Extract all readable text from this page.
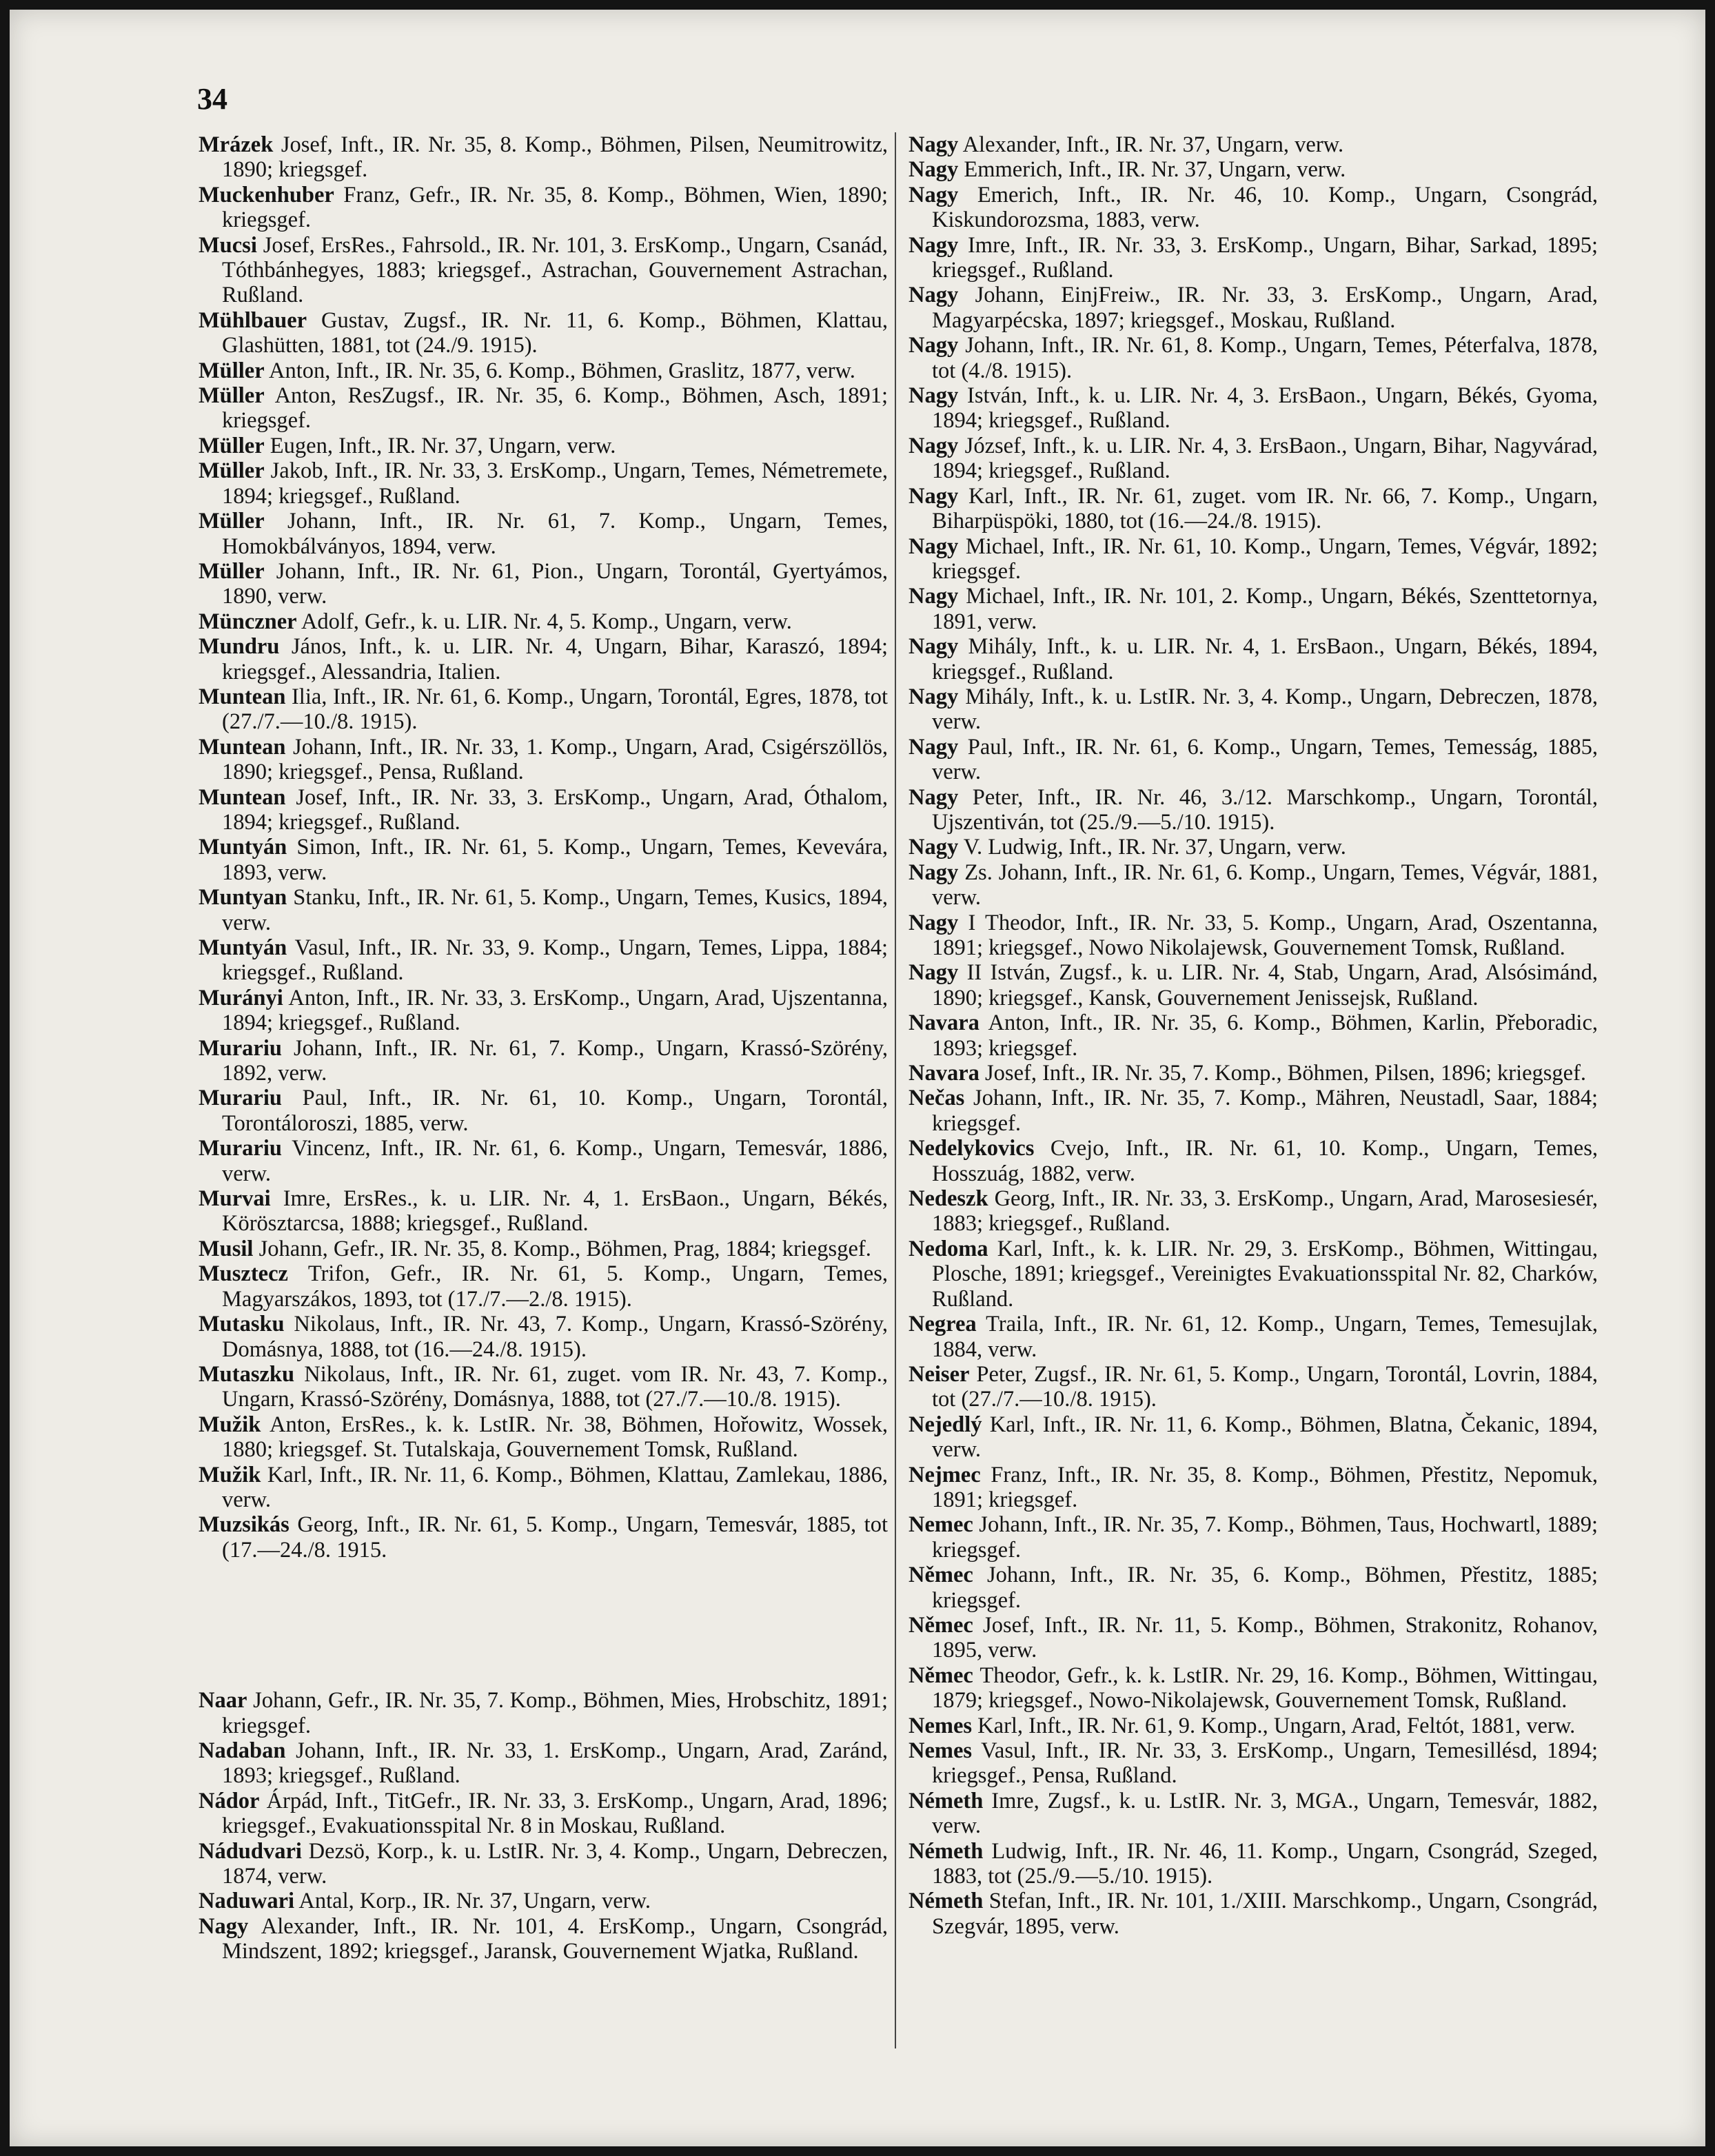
34

Mrázek Josef, Inft., IR. Nr. 35, 8. Komp., Böhmen, Pilsen, Neumitrowitz, 1890; kriegsgef.

Muckenhuber Franz, Gefr., IR. Nr. 35, 8. Komp., Böhmen, Wien, 1890; kriegsgef.

Mucsi Josef, ErsRes., Fahrsold., IR. Nr. 101, 3. ErsKomp., Ungarn, Csanád, Tóthbánhegyes, 1883; kriegsgef., Astrachan, Gouvernement Astrachan, Rußland.

Mühlbauer Gustav, Zugsf., IR. Nr. 11, 6. Komp., Böhmen, Klattau, Glashütten, 1881, tot (24./9. 1915).

Müller Anton, Inft., IR. Nr. 35, 6. Komp., Böhmen, Graslitz, 1877, verw.

Müller Anton, ResZugsf., IR. Nr. 35, 6. Komp., Böhmen, Asch, 1891; kriegsgef.

Müller Eugen, Inft., IR. Nr. 37, Ungarn, verw.

Müller Jakob, Inft., IR. Nr. 33, 3. ErsKomp., Ungarn, Temes, Németremete, 1894; kriegsgef., Rußland.

Müller Johann, Inft., IR. Nr. 61, 7. Komp., Ungarn, Temes, Homokbálványos, 1894, verw.

Müller Johann, Inft., IR. Nr. 61, Pion., Ungarn, Torontál, Gyertyámos, 1890, verw.

Münczner Adolf, Gefr., k. u. LIR. Nr. 4, 5. Komp., Ungarn, verw.

Mundru János, Inft., k. u. LIR. Nr. 4, Ungarn, Bihar, Karaszó, 1894; kriegsgef., Alessandria, Italien.

Muntean Ilia, Inft., IR. Nr. 61, 6. Komp., Ungarn, Torontál, Egres, 1878, tot (27./7.—10./8. 1915).

Muntean Johann, Inft., IR. Nr. 33, 1. Komp., Ungarn, Arad, Csigérszöllös, 1890; kriegsgef., Pensa, Rußland.

Muntean Josef, Inft., IR. Nr. 33, 3. ErsKomp., Ungarn, Arad, Óthalom, 1894; kriegsgef., Rußland.

Muntyán Simon, Inft., IR. Nr. 61, 5. Komp., Ungarn, Temes, Kevevára, 1893, verw.

Muntyan Stanku, Inft., IR. Nr. 61, 5. Komp., Ungarn, Temes, Kusics, 1894, verw.

Muntyán Vasul, Inft., IR. Nr. 33, 9. Komp., Ungarn, Temes, Lippa, 1884; kriegsgef., Rußland.

Murányi Anton, Inft., IR. Nr. 33, 3. ErsKomp., Ungarn, Arad, Ujszentanna, 1894; kriegsgef., Rußland.

Murariu Johann, Inft., IR. Nr. 61, 7. Komp., Ungarn, Krassó-Szörény, 1892, verw.

Murariu Paul, Inft., IR. Nr. 61, 10. Komp., Ungarn, Torontál, Torontáloroszi, 1885, verw.

Murariu Vincenz, Inft., IR. Nr. 61, 6. Komp., Ungarn, Temesvár, 1886, verw.

Murvai Imre, ErsRes., k. u. LIR. Nr. 4, 1. ErsBaon., Ungarn, Békés, Körösztarcsa, 1888; kriegsgef., Rußland.

Musil Johann, Gefr., IR. Nr. 35, 8. Komp., Böhmen, Prag, 1884; kriegsgef.

Musztecz Trifon, Gefr., IR. Nr. 61, 5. Komp., Ungarn, Temes, Magyarszákos, 1893, tot (17./7.—2./8. 1915).

Mutasku Nikolaus, Inft., IR. Nr. 43, 7. Komp., Ungarn, Krassó-Szörény, Domásnya, 1888, tot (16.—24./8. 1915).

Mutaszku Nikolaus, Inft., IR. Nr. 61, zuget. vom IR. Nr. 43, 7. Komp., Ungarn, Krassó-Szörény, Domásnya, 1888, tot (27./7.—10./8. 1915).

Mužik Anton, ErsRes., k. k. LstIR. Nr. 38, Böhmen, Hořowitz, Wossek, 1880; kriegsgef. St. Tutalskaja, Gouvernement Tomsk, Rußland.

Mužik Karl, Inft., IR. Nr. 11, 6. Komp., Böhmen, Klattau, Zamlekau, 1886, verw.

Muzsikás Georg, Inft., IR. Nr. 61, 5. Komp., Ungarn, Temesvár, 1885, tot (17.—24./8. 1915.

Naar Johann, Gefr., IR. Nr. 35, 7. Komp., Böhmen, Mies, Hrobschitz, 1891; kriegsgef.

Nadaban Johann, Inft., IR. Nr. 33, 1. ErsKomp., Ungarn, Arad, Zaránd, 1893; kriegsgef., Rußland.

Nádor Árpád, Inft., TitGefr., IR. Nr. 33, 3. ErsKomp., Ungarn, Arad, 1896; kriegsgef., Evakuationsspital Nr. 8 in Moskau, Rußland.

Nádudvari Dezsö, Korp., k. u. LstIR. Nr. 3, 4. Komp., Ungarn, Debreczen, 1874, verw.

Naduwari Antal, Korp., IR. Nr. 37, Ungarn, verw.

Nagy Alexander, Inft., IR. Nr. 101, 4. ErsKomp., Ungarn, Csongrád, Mindszent, 1892; kriegsgef., Jaransk, Gouvernement Wjatka, Rußland.

Nagy Alexander, Inft., IR. Nr. 37, Ungarn, verw.

Nagy Emmerich, Inft., IR. Nr. 37, Ungarn, verw.

Nagy Emerich, Inft., IR. Nr. 46, 10. Komp., Ungarn, Csongrád, Kiskundorozsma, 1883, verw.

Nagy Imre, Inft., IR. Nr. 33, 3. ErsKomp., Ungarn, Bihar, Sarkad, 1895; kriegsgef., Rußland.

Nagy Johann, EinjFreiw., IR. Nr. 33, 3. ErsKomp., Ungarn, Arad, Magyarpécska, 1897; kriegsgef., Moskau, Rußland.

Nagy Johann, Inft., IR. Nr. 61, 8. Komp., Ungarn, Temes, Péterfalva, 1878, tot (4./8. 1915).

Nagy István, Inft., k. u. LIR. Nr. 4, 3. ErsBaon., Ungarn, Békés, Gyoma, 1894; kriegsgef., Rußland.

Nagy József, Inft., k. u. LIR. Nr. 4, 3. ErsBaon., Ungarn, Bihar, Nagyvárad, 1894; kriegsgef., Rußland.

Nagy Karl, Inft., IR. Nr. 61, zuget. vom IR. Nr. 66, 7. Komp., Ungarn, Biharpüspöki, 1880, tot (16.—24./8. 1915).

Nagy Michael, Inft., IR. Nr. 61, 10. Komp., Ungarn, Temes, Végvár, 1892; kriegsgef.

Nagy Michael, Inft., IR. Nr. 101, 2. Komp., Ungarn, Békés, Szenttetornya, 1891, verw.

Nagy Mihály, Inft., k. u. LIR. Nr. 4, 1. ErsBaon., Ungarn, Békés, 1894, kriegsgef., Rußland.

Nagy Mihály, Inft., k. u. LstIR. Nr. 3, 4. Komp., Ungarn, Debreczen, 1878, verw.

Nagy Paul, Inft., IR. Nr. 61, 6. Komp., Ungarn, Temes, Temesság, 1885, verw.

Nagy Peter, Inft., IR. Nr. 46, 3./12. Marschkomp., Ungarn, Torontál, Ujszentiván, tot (25./9.—5./10. 1915).

Nagy V. Ludwig, Inft., IR. Nr. 37, Ungarn, verw.

Nagy Zs. Johann, Inft., IR. Nr. 61, 6. Komp., Ungarn, Temes, Végvár, 1881, verw.

Nagy I Theodor, Inft., IR. Nr. 33, 5. Komp., Ungarn, Arad, Oszentanna, 1891; kriegsgef., Nowo Nikolajewsk, Gouvernement Tomsk, Rußland.

Nagy II István, Zugsf., k. u. LIR. Nr. 4, Stab, Ungarn, Arad, Alsósimánd, 1890; kriegsgef., Kansk, Gouvernement Jenissejsk, Rußland.

Navara Anton, Inft., IR. Nr. 35, 6. Komp., Böhmen, Karlin, Přeboradic, 1893; kriegsgef.

Navara Josef, Inft., IR. Nr. 35, 7. Komp., Böhmen, Pilsen, 1896; kriegsgef.

Nečas Johann, Inft., IR. Nr. 35, 7. Komp., Mähren, Neustadl, Saar, 1884; kriegsgef.

Nedelykovics Cvejo, Inft., IR. Nr. 61, 10. Komp., Ungarn, Temes, Hosszuág, 1882, verw.

Nedeszk Georg, Inft., IR. Nr. 33, 3. ErsKomp., Ungarn, Arad, Marosesiesér, 1883; kriegsgef., Rußland.

Nedoma Karl, Inft., k. k. LIR. Nr. 29, 3. ErsKomp., Böhmen, Wittingau, Plosche, 1891; kriegsgef., Vereinigtes Evakuationsspital Nr. 82, Charków, Rußland.

Negrea Traila, Inft., IR. Nr. 61, 12. Komp., Ungarn, Temes, Temesujlak, 1884, verw.

Neiser Peter, Zugsf., IR. Nr. 61, 5. Komp., Ungarn, Torontál, Lovrin, 1884, tot (27./7.—10./8. 1915).

Nejedlý Karl, Inft., IR. Nr. 11, 6. Komp., Böhmen, Blatna, Čekanic, 1894, verw.

Nejmec Franz, Inft., IR. Nr. 35, 8. Komp., Böhmen, Přestitz, Nepomuk, 1891; kriegsgef.

Nemec Johann, Inft., IR. Nr. 35, 7. Komp., Böhmen, Taus, Hochwartl, 1889; kriegsgef.

Němec Johann, Inft., IR. Nr. 35, 6. Komp., Böhmen, Přestitz, 1885; kriegsgef.

Němec Josef, Inft., IR. Nr. 11, 5. Komp., Böhmen, Strakonitz, Rohanov, 1895, verw.

Němec Theodor, Gefr., k. k. LstIR. Nr. 29, 16. Komp., Böhmen, Wittingau, 1879; kriegsgef., Nowo-Nikolajewsk, Gouvernement Tomsk, Rußland.

Nemes Karl, Inft., IR. Nr. 61, 9. Komp., Ungarn, Arad, Feltót, 1881, verw.

Nemes Vasul, Inft., IR. Nr. 33, 3. ErsKomp., Ungarn, Temesillésd, 1894; kriegsgef., Pensa, Rußland.

Németh Imre, Zugsf., k. u. LstIR. Nr. 3, MGA., Ungarn, Temesvár, 1882, verw.

Németh Ludwig, Inft., IR. Nr. 46, 11. Komp., Ungarn, Csongrád, Szeged, 1883, tot (25./9.—5./10. 1915).

Németh Stefan, Inft., IR. Nr. 101, 1./XIII. Marschkomp., Ungarn, Csongrád, Szegvár, 1895, verw.
